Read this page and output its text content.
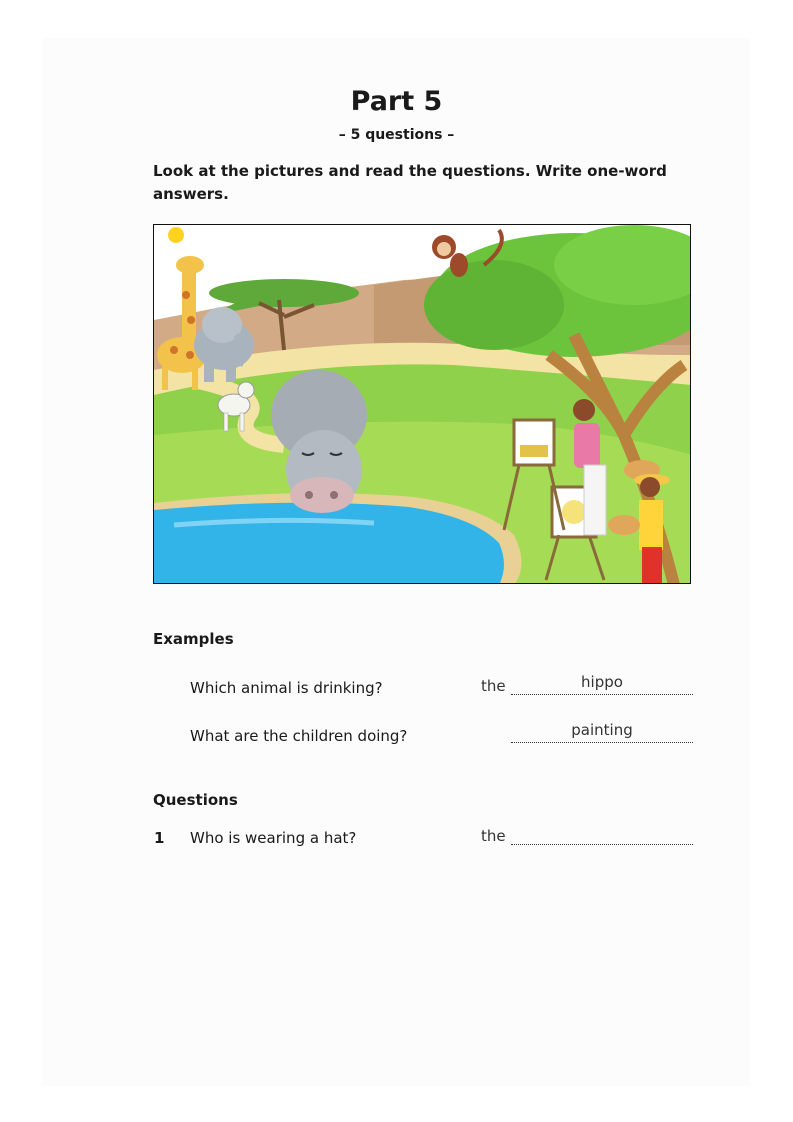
Part 5
– 5 questions –
Look at the pictures and read the questions. Write one-word answers.
Examples
Which animal is drinking?	the	hippo
What are the children doing?	painting
Questions
1 Who is wearing a hat?	the
